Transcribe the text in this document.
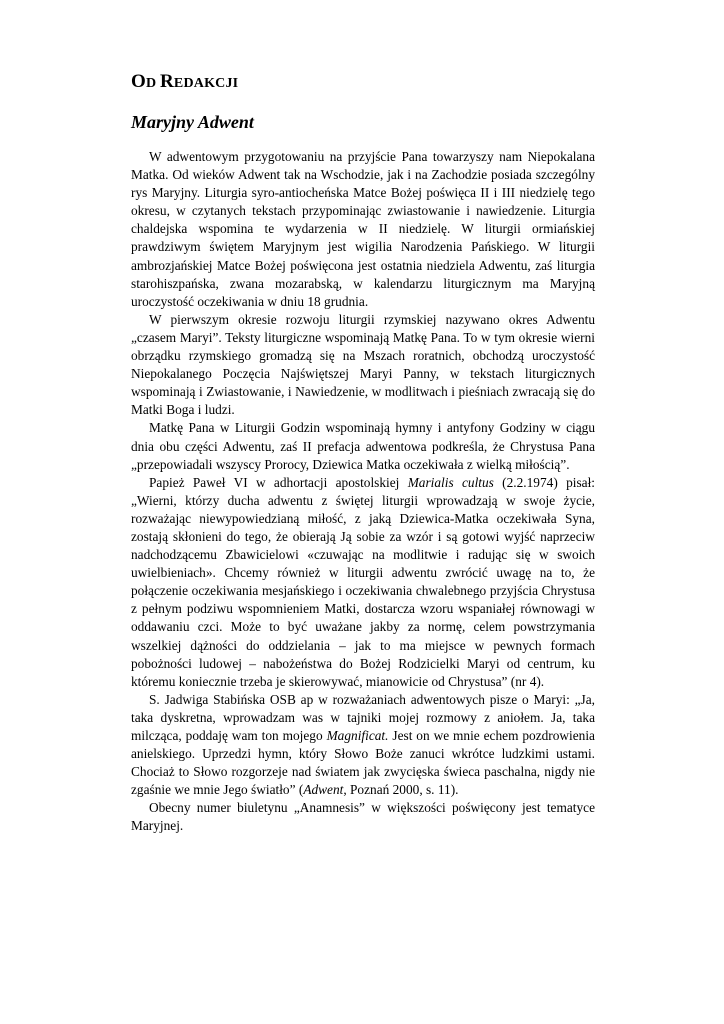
OD REDAKCJI
Maryjny Adwent

W adwentowym przygotowaniu na przyjście Pana towarzyszy nam Niepokalana Matka. Od wieków Adwent tak na Wschodzie, jak i na Zachodzie posiada szczególny rys Maryjny. Liturgia syro-antiocheńska Matce Bożej poświęca II i III niedzielę tego okresu, w czytanych tekstach przypominając zwiastowanie i nawiedzenie. Liturgia chaldejska wspomina te wydarzenia w II niedzielę. W liturgii ormiańskiej prawdziwym świętem Maryjnym jest wigilia Narodzenia Pańskiego. W liturgii ambrozjańskiej Matce Bożej poświęcona jest ostatnia niedziela Adwentu, zaś liturgia starohiszpańska, zwana mozarabską, w kalendarzu liturgicznym ma Maryjną uroczystość oczekiwania w dniu 18 grudnia.

W pierwszym okresie rozwoju liturgii rzymskiej nazywano okres Adwentu „czasem Maryi”. Teksty liturgiczne wspominają Matkę Pana. To w tym okresie wierni obrządku rzymskiego gromadzą się na Mszach roratnich, obchodzą uroczystość Niepokalanego Poczęcia Najświętszej Maryi Panny, w tekstach liturgicznych wspominają i Zwiastowanie, i Nawiedzenie, w modlitwach i pieśniach zwracają się do Matki Boga i ludzi.

Matkę Pana w Liturgii Godzin wspominają hymny i antyfony Godziny w ciągu dnia obu części Adwentu, zaś II prefacja adwentowa podkreśla, że Chrystusa Pana „przepowiadali wszyscy Prorocy, Dziewica Matka oczekiwała z wielką miłością”.

Papież Paweł VI w adhortacji apostolskiej Marialis cultus (2.2.1974) pisał: „Wierni, którzy ducha adwentu z świętej liturgii wprowadzają w swoje życie, rozważając niewypowiedzianą miłość, z jaką Dziewica-Matka oczekiwała Syna, zostają skłonieni do tego, że obierają Ją sobie za wzór i są gotowi wyjść naprzeciw nadchodzącemu Zbawicielowi «czuwając na modlitwie i radując się w swoich uwielbieniach». Chcemy również w liturgii adwentu zwrócić uwagę na to, że połączenie oczekiwania mesjańskiego i oczekiwania chwalebnego przyjścia Chrystusa z pełnym podziwu wspomnieniem Matki, dostarcza wzoru wspaniałej równowagi w oddawaniu czci. Może to być uważane jakby za normę, celem powstrzymania wszelkiej dążności do oddzielania – jak to ma miejsce w pewnych formach pobożności ludowej – nabożeństwa do Bożej Rodzicielki Maryi od centrum, ku któremu koniecznie trzeba je skierowywać, mianowicie od Chrystusa” (nr 4).

S. Jadwiga Stabińska OSB ap w rozważaniach adwentowych pisze o Maryi: „Ja, taka dyskretna, wprowadzam was w tajniki mojej rozmowy z aniołem. Ja, taka milcząca, poddaję wam ton mojego Magnificat. Jest on we mnie echem pozdrowienia anielskiego. Uprzedzi hymn, który Słowo Boże zanuci wkrótce ludzkimi ustami. Chociaż to Słowo rozgorzeje nad światem jak zwycięska świeca paschalna, nigdy nie zgaśnie we mnie Jego światło” (Adwent, Poznań 2000, s. 11).

Obecny numer biuletynu „Anamnesis” w większości poświęcony jest tematyce Maryjnej.
